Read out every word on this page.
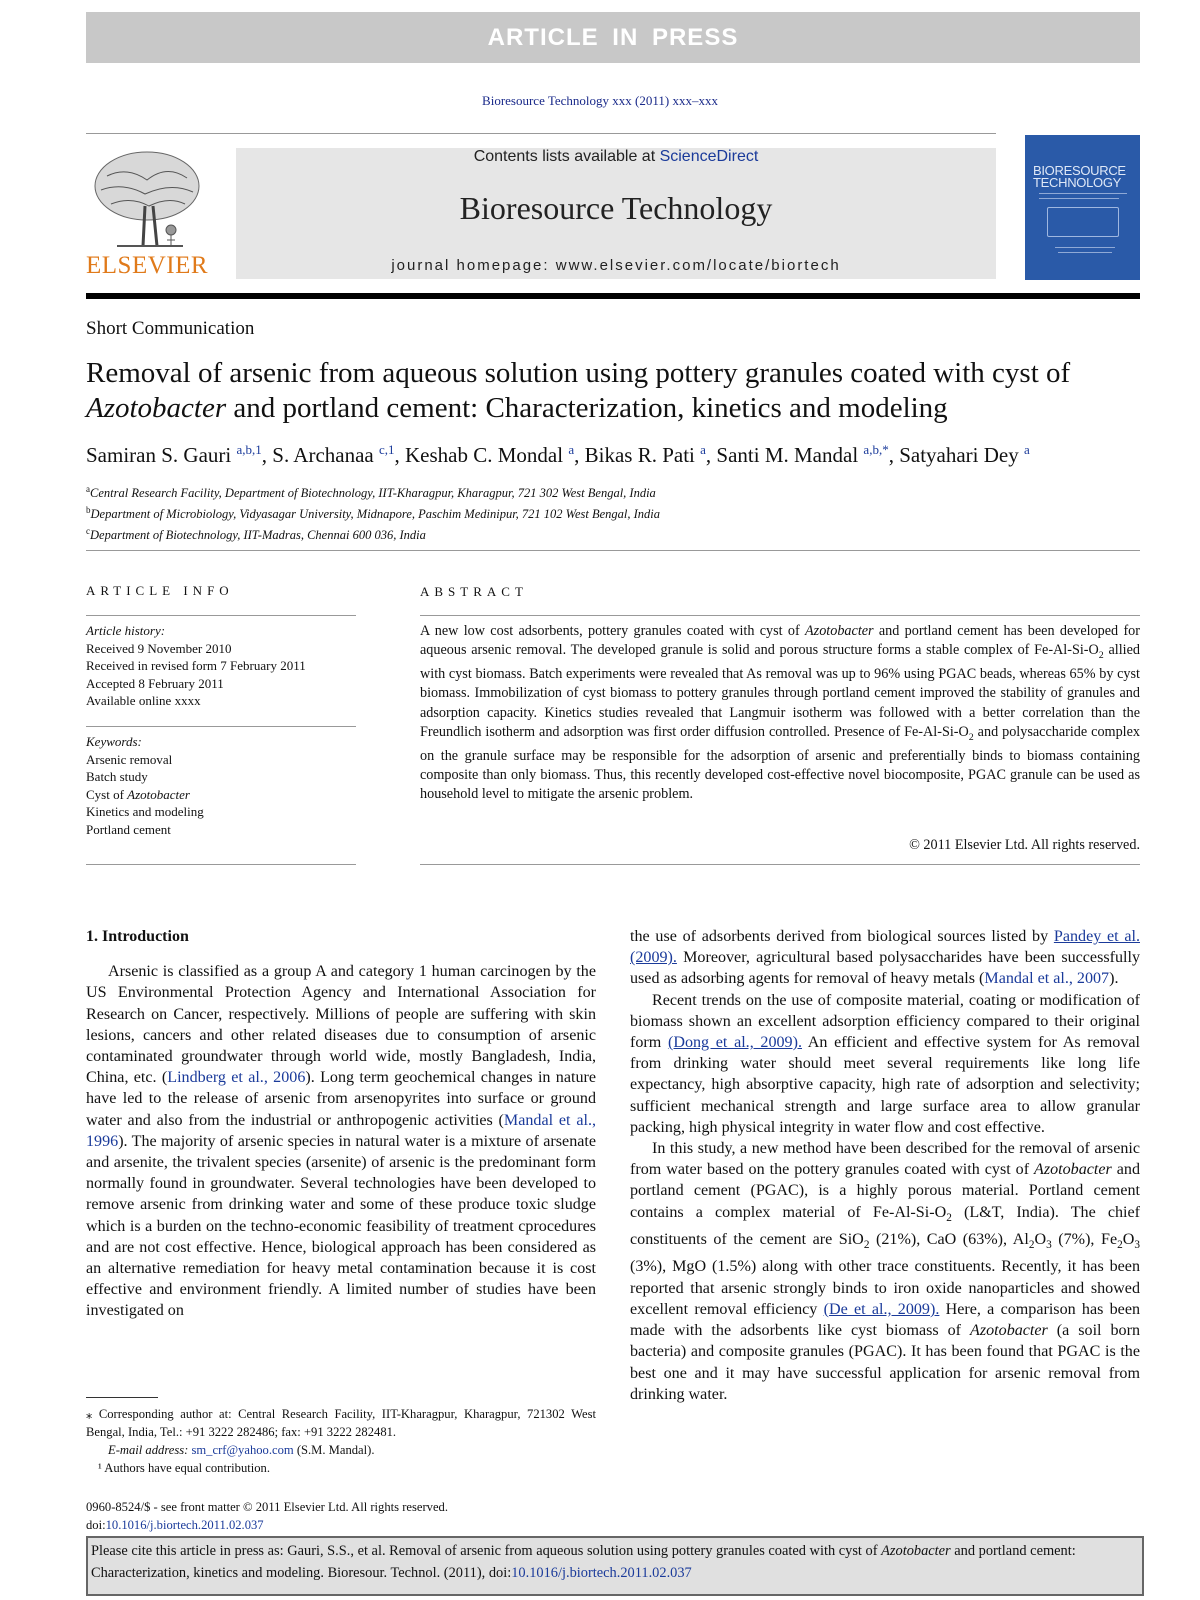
ARTICLE IN PRESS
Bioresource Technology xxx (2011) xxx–xxx
ELSEVIER
Contents lists available at ScienceDirect
Bioresource Technology
journal homepage: www.elsevier.com/locate/biortech
BIORESOURCE TECHNOLOGY
Short Communication
Removal of arsenic from aqueous solution using pottery granules coated with cyst of Azotobacter and portland cement: Characterization, kinetics and modeling
Samiran S. Gauri $^{a,b,1}$, S. Archanaa $^{c,1}$, Keshab C. Mondal $^a$, Bikas R. Pati $^a$, Santi M. Mandal $^{a,b,*}$, Satyahari Dey $^a$
$^a$Central Research Facility, Department of Biotechnology, IIT-Kharagpur, Kharagpur, 721 302 West Bengal, India
$^b$Department of Microbiology, Vidyasagar University, Midnapore, Paschim Medinipur, 721 102 West Bengal, India
$^c$Department of Biotechnology, IIT-Madras, Chennai 600 036, India
ARTICLE INFO	ABSTRACT
Article history:
Received 9 November 2010
Received in revised form 7 February 2011
Accepted 8 February 2011
Available online xxxx
Keywords:
Arsenic removal
Batch study
Cyst of Azotobacter
Kinetics and modeling
Portland cement
A new low cost adsorbents, pottery granules coated with cyst of Azotobacter and portland cement has been developed for aqueous arsenic removal. The developed granule is solid and porous structure forms a stable complex of $Fe-Al-Si-O_2$ allied with cyst biomass. Batch experiments were revealed that As removal was up to 96% using PGAC beads, whereas 65% by cyst biomass. Immobilization of cyst biomass to pottery granules through portland cement improved the stability of granules and adsorption capacity. Kinetics studies revealed that Langmuir isotherm was followed with a better correlation than the Freundlich isotherm and adsorption was first order diffusion controlled. Presence of $Fe-Al-Si-O_2$ and polysaccharide complex on the granule surface may be responsible for the adsorption of arsenic and preferentially binds to biomass containing composite than only biomass. Thus, this recently developed cost-effective novel biocomposite, PGAC granule can be used as household level to mitigate the arsenic problem.
© 2011 Elsevier Ltd. All rights reserved.
1. Introduction

Arsenic is classified as a group A and category 1 human carcinogen by the US Environmental Protection Agency and International Association for Research on Cancer, respectively. Millions of people are suffering with skin lesions, cancers and other related diseases due to consumption of arsenic contaminated groundwater through world wide, mostly Bangladesh, India, China, etc. (Lindberg et al., 2006). Long term geochemical changes in nature have led to the release of arsenic from arsenopyrites into surface or ground water and also from the industrial or anthropogenic activities (Mandal et al., 1996). The majority of arsenic species in natural water is a mixture of arsenate and arsenite, the trivalent species (arsenite) of arsenic is the predominant form normally found in groundwater. Several technologies have been developed to remove arsenic from drinking water and some of these produce toxic sludge which is a burden on the techno-economic feasibility of treatment cprocedures and are not cost effective. Hence, biological approach has been considered as an alternative remediation for heavy metal contamination because it is cost effective and environment friendly. A limited number of studies have been investigated on

the use of adsorbents derived from biological sources listed by Pandey et al. (2009). Moreover, agricultural based polysaccharides have been successfully used as adsorbing agents for removal of heavy metals (Mandal et al., 2007).

Recent trends on the use of composite material, coating or modification of biomass shown an excellent adsorption efficiency compared to their original form (Dong et al., 2009). An efficient and effective system for As removal from drinking water should meet several requirements like long life expectancy, high absorptive capacity, high rate of adsorption and selectivity; sufficient mechanical strength and large surface area to allow granular packing, high physical integrity in water flow and cost effective.

In this study, a new method have been described for the removal of arsenic from water based on the pottery granules coated with cyst of Azotobacter and portland cement (PGAC), is a highly porous material. Portland cement contains a complex material of $Fe-Al-Si-O_2$ (L&T, India). The chief constituents of the cement are SiO$_2$ (21%), CaO (63%), $Al_2O_3$ (7%), $Fe_2O_3$ (3%), MgO (1.5%) along with other trace constituents. Recently, it has been reported that arsenic strongly binds to iron oxide nanoparticles and showed excellent removal efficiency (De et al., 2009). Here, a comparison has been made with the adsorbents like cyst biomass of Azotobacter (a soil born bacteria) and composite granules (PGAC). It has been found that PGAC is the best one and it may have successful application for arsenic removal from drinking water.

⁎ Corresponding author at: Central Research Facility, IIT-Kharagpur, Kharagpur, 721302 West Bengal, India, Tel.: +91 3222 282486; fax: +91 3222 282481.
E-mail address: sm_crf@yahoo.com (S.M. Mandal).
¹ Authors have equal contribution.
0960-8524/$ - see front matter © 2011 Elsevier Ltd. All rights reserved.
doi:10.1016/j.biortech.2011.02.037
Please cite this article in press as: Gauri, S.S., et al. Removal of arsenic from aqueous solution using pottery granules coated with cyst of Azotobacter and portland cement: Characterization, kinetics and modeling. Bioresour. Technol. (2011), doi:10.1016/j.biortech.2011.02.037
